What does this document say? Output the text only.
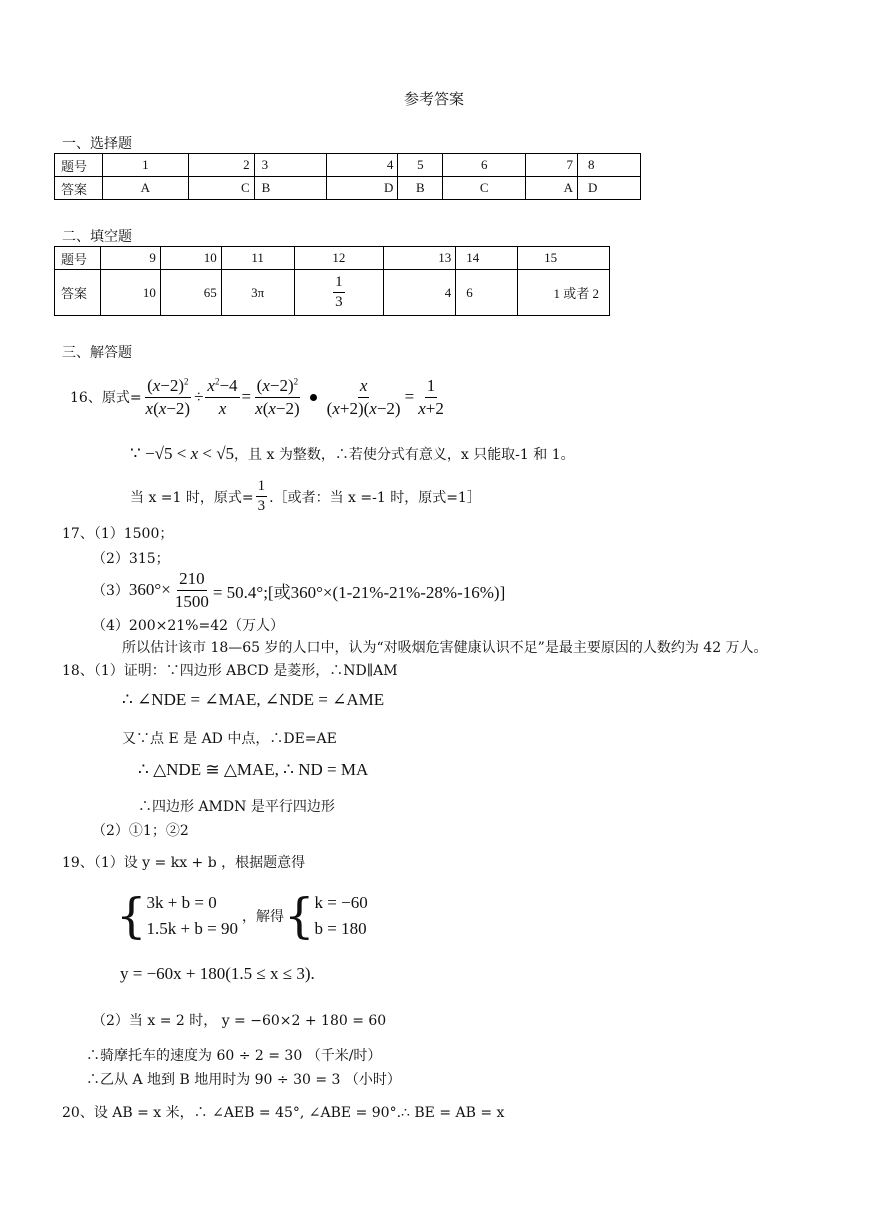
参考答案
一、选择题
题号	1	2	3	4	5	6	7	8
答案	A	C	B	D	B	C	A	D
二、填空题
题号	9	10	11	12	13	14	15
答案	10	65	3π	$\frac{1}{3}$	4	6	1 或者 2
三、解答题
16、原式= $\frac{(x-2)^2}{x(x-2)} \div \frac{x^2-4}{x} = \frac{(x-2)^2}{x(x-2)} \frac{x}{(x+2)(x-2)} = \frac{1}{x+2}$
∵ −√5 < x < √5 ，且 x 为整数，∴若使分式有意义，x 只能取-1 和 1。
当 x =1 时，原式= $\frac{1}{3}$ .［或者：当 x =-1 时，原式=1］
17、（1）1500；
（2）315；
（3） $360^\circ\times \frac{210}{1500}$ = 50.4°;[或360°×(1-21%-21%-28%-16%)]
（4）200×21%=42（万人）
所以估计该市 18—65 岁的人口中，认为“对吸烟危害健康认识不足”是最主要原因的人数约为 42 万人。
18、（1）证明：∵四边形 ABCD 是菱形，∴ND∥AM
∴ ∠NDE = ∠MAE, ∠NDE = ∠AME
又∵点 E 是 AD 中点，∴DE=AE
∴ △NDE ≅ △MAE, ∴ ND = MA
∴四边形 AMDN 是平行四边形
（2）①1；②2
19、（1）设 y = kx + b ，根据题意得
{ 3k + b = 0
1.5k + b = 90
，解得 { k = −60
b = 180
y = −60x + 180(1.5 ≤ x ≤ 3).
（2）当 x = 2 时， y = −60×2 + 180 = 60
∴骑摩托车的速度为 60 ÷ 2 = 30 （千米/时）
∴乙从 A 地到 B 地用时为 90 ÷ 30 = 3 （小时）
20、设 AB = x 米，∴ ∠AEB = 45°, ∠ABE = 90°.∴ BE = AB = x
